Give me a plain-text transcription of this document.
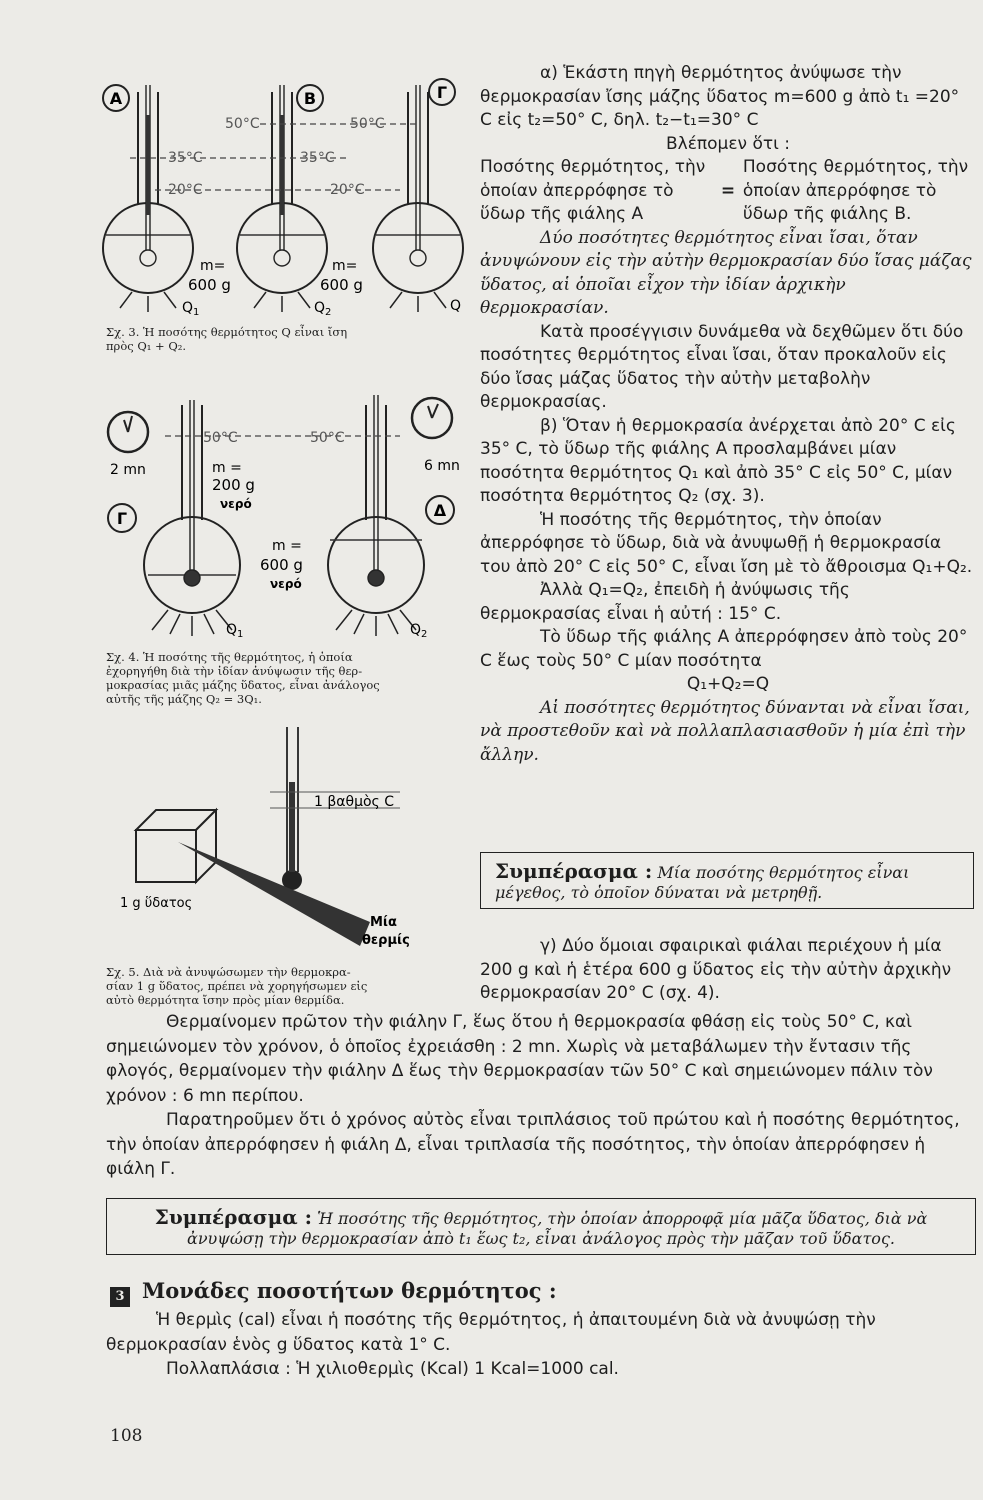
Α	Β	Γ
50°C	50°C
35°C	35°C
20°C	20°C
m=
600 g
m=
600 g
$Q_1$	$Q_2$	Q
Σχ. 3. Ἡ ποσότης θερμότητος Q εἶναι ἴση
πρὸς Q₁ + Q₂.
2 mn	6 mn
Γ	Δ
50°C	50°C
m =
200 g
νερό
m =
600 g
νερό
$Q_1$	$Q_2$
Σχ. 4. Ἡ ποσότης τῆς θερμότητος, ἡ ὁποία
ἐχορηγήθη διὰ τὴν ἰδίαν ἀνύψωσιν τῆς θερ-
μοκρασίας μιᾶς μάζης ὕδατος, εἶναι ἀνάλογος
αὐτῆς τῆς μάζης Q₂ = 3Q₁.
1 βαθμὸς C
1 g ὕδατος
Μία
θερμίς
Σχ. 5. Διὰ νὰ ἀνυψώσωμεν τὴν θερμοκρα-
σίαν 1 g ὕδατος, πρέπει νὰ χορηγήσωμεν εἰς
αὐτὸ θερμότητα ἴσην πρὸς μίαν θερμίδα.

α) Ἑκάστη πηγὴ θερμότητος ἀνύψωσε τὴν θερμοκρασίαν ἴσης μάζης ὕδατος m=600 g ἀπὸ t₁ =20° C εἰς t₂=50° C, δηλ. t₂−t₁=30° C

Βλέπομεν ὅτι :

Ποσότης θερμότητος, τὴν ὁποίαν ἀπερρόφησε τὸ ὕδωρ τῆς φιάλης Α
=
Ποσότης θερμότητος, τὴν ὁποίαν ἀπερρόφησε τὸ ὕδωρ τῆς φιάλης Β.

Δύο ποσότητες θερμότητος εἶναι ἴσαι, ὅταν ἀνυψώνουν εἰς τὴν αὐτὴν θερμοκρασίαν δύο ἴσας μάζας ὕδατος, αἱ ὁποῖαι εἶχον τὴν ἰδίαν ἀρχικὴν θερμοκρασίαν.

Κατὰ προσέγγισιν δυνάμεθα νὰ δεχθῶμεν ὅτι δύο ποσότητες θερμότητος εἶναι ἴσαι, ὅταν προκαλοῦν εἰς δύο ἴσας μάζας ὕδατος τὴν αὐτὴν μεταβολὴν θερμοκρασίας.

β) Ὅταν ἡ θερμοκρασία ἀνέρχεται ἀπὸ 20° C εἰς 35° C, τὸ ὕδωρ τῆς φιάλης Α προσλαμβάνει μίαν ποσότητα θερμότητος Q₁ καὶ ἀπὸ 35° C εἰς 50° C, μίαν ποσότητα θερμότητος Q₂ (σχ. 3).

Ἡ ποσότης τῆς θερμότητος, τὴν ὁποίαν ἀπερρόφησε τὸ ὕδωρ, διὰ νὰ ἀνυψωθῇ ἡ θερμοκρασία του ἀπὸ 20° C εἰς 50° C, εἶναι ἴση μὲ τὸ ἄθροισμα Q₁+Q₂.

Ἀλλὰ Q₁=Q₂, ἐπειδὴ ἡ ἀνύψωσις τῆς θερμοκρασίας εἶναι ἡ αὐτή : 15° C.

Τὸ ὕδωρ τῆς φιάλης Α ἀπερρόφησεν ἀπὸ τοὺς 20° C ἕως τοὺς 50° C μίαν ποσότητα

Q₁+Q₂=Q

Αἱ ποσότητες θερμότητος δύνανται νὰ εἶναι ἴσαι, νὰ προστεθοῦν καὶ νὰ πολλαπλασιασθοῦν ἡ μία ἐπὶ τὴν ἄλλην.

Συμπέρασμα : Μία ποσότης θερμότητος εἶναι μέγεθος, τὸ ὁποῖον δύναται νὰ μετρηθῇ.

γ) Δύο ὅμοιαι σφαιρικαὶ φιάλαι περιέχουν ἡ μία 200 g καὶ ἡ ἑτέρα 600 g ὕδατος εἰς τὴν αὐτὴν ἀρχικὴν θερμοκρασίαν 20° C (σχ. 4).

Θερμαίνομεν πρῶτον τὴν φιάλην Γ, ἕως ὅτου ἡ θερμοκρασία φθάσῃ εἰς τοὺς 50° C, καὶ σημειώνομεν τὸν χρόνον, ὁ ὁποῖος ἐχρειάσθη : 2 mn. Χωρὶς νὰ μεταβάλωμεν τὴν ἔντασιν τῆς φλογός, θερμαίνομεν τὴν φιάλην Δ ἕως τὴν θερμοκρασίαν τῶν 50° C καὶ σημειώνομεν πάλιν τὸν χρόνον : 6 mn περίπου.

Παρατηροῦμεν ὅτι ὁ χρόνος αὐτὸς εἶναι τριπλάσιος τοῦ πρώτου καὶ ἡ ποσότης θερμότητος, τὴν ὁποίαν ἀπερρόφησεν ἡ φιάλη Δ, εἶναι τριπλασία τῆς ποσότητος, τὴν ὁποίαν ἀπερρόφησεν ἡ φιάλη Γ.

Συμπέρασμα : Ἡ ποσότης τῆς θερμότητος, τὴν ὁποίαν ἀπορροφᾷ μία μᾶζα ὕδατος, διὰ νὰ ἀνυψώσῃ τὴν θερμοκρασίαν ἀπὸ t₁ ἕως t₂, εἶναι ἀνάλογος πρὸς τὴν μᾶζαν τοῦ ὕδατος.
3 Μονάδες ποσοτήτων θερμότητος :

Ἡ θερμὶς (cal) εἶναι ἡ ποσότης τῆς θερμότητος, ἡ ἀπαιτουμένη διὰ νὰ ἀνυψώσῃ τὴν θερμοκρασίαν ἑνὸς g ὕδατος κατὰ 1° C.

Πολλαπλάσια : Ἡ χιλιοθερμὶς (Kcal) 1 Kcal=1000 cal.

108
